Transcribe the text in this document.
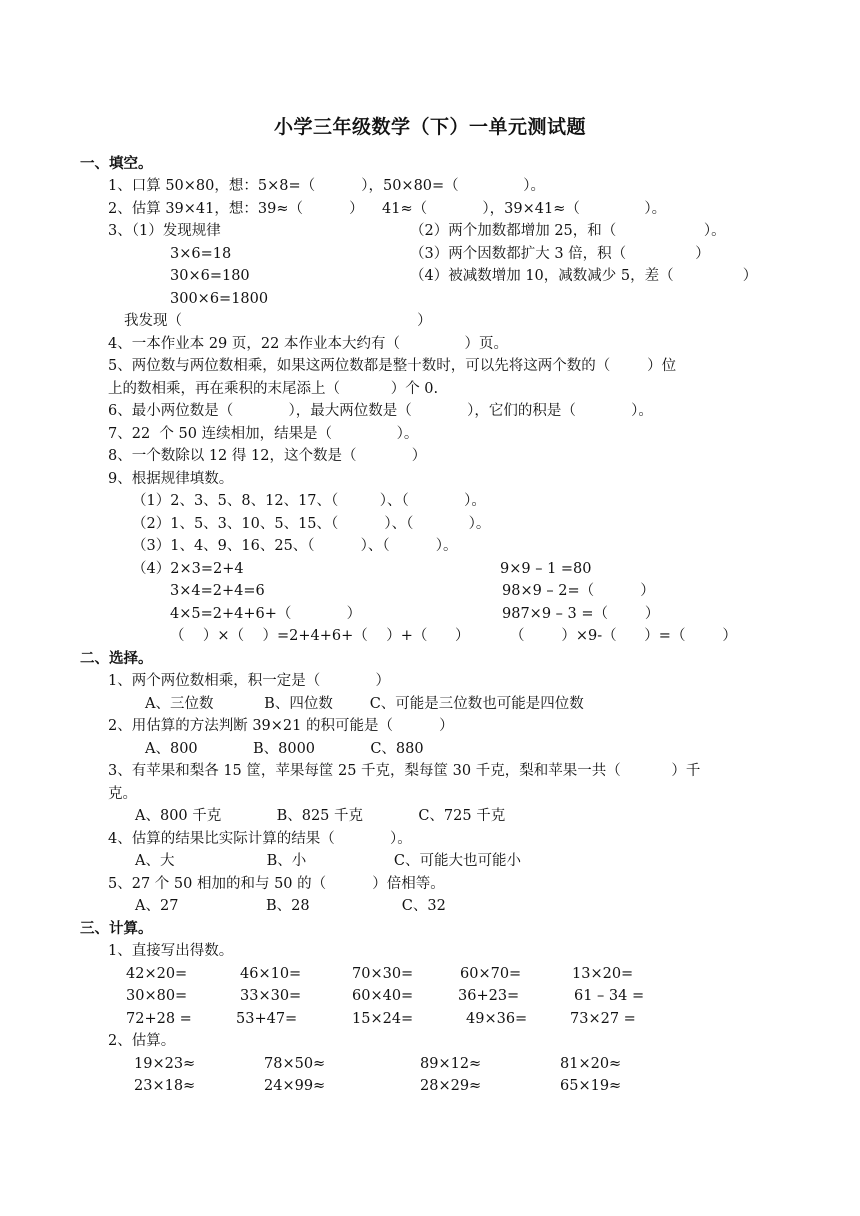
小学三年级数学（下）一单元测试题
一、填空。
1、口算 50×80，想：5×8=（          ），50×80=（              ）。
2、估算 39×41，想：39≈（          ）    41≈（            ），39×41≈（              ）。
3、（1）发现规律	（2）两个加数都增加 25，和（                   ）。
3×6=18	（3）两个因数都扩大 3 倍，积（               ）
30×6=180	（4）被减数增加 10，减数减少 5，差（               ）
300×6=1800
我发现（                                                   ）
4、一本作业本 29 页，22 本作业本大约有（              ）页。
5、两位数与两位数相乘，如果这两位数都是整十数时，可以先将这两个数的（        ）位
上的数相乘，再在乘积的末尾添上（           ）个 0.
6、最小两位数是（            ），最大两位数是（            ），它们的积是（            ）。
7、22  个 50 连续相加，结果是（              ）。
8、一个数除以 12 得 12，这个数是（            ）
9、根据规律填数。
（1）2、3、5、8、12、17、（         ）、（            ）。
（2）1、5、3、10、5、15、（          ）、（            ）。
（3）1、4、9、16、25、（          ）、（          ）。
（4）2×3=2+4	9×9 – 1 =80
3×4=2+4=6	98×9 – 2=（          ）
4×5=2+4+6+（            ）	987×9 – 3 =（        ）
（    ）×（    ）=2+4+6+（    ）+（      ）	（        ）×9-（      ）=（        ）
二、选择。
1、两个两位数相乘，积一定是（            ）
A、三位数           B、四位数        C、可能是三位数也可能是四位数
2、用估算的方法判断 39×21 的积可能是（          ）
A、800            B、8000            C、880
3、有苹果和梨各 15 筐，苹果每筐 25 千克，梨每筐 30 千克，梨和苹果一共（           ）千
克。
A、800 千克            B、825 千克            C、725 千克
4、估算的结果比实际计算的结果（            ）。
A、大                    B、小                   C、可能大也可能小
5、27 个 50 相加的和与 50 的（          ）倍相等。
A、27                   B、28                    C、32
三、计算。
1、直接写出得数。
42×20=	46×10=	70×30=	60×70=	13×20=
30×80=	33×30=	60×40=	36+23=	61 – 34 =
72+28 =	53+47=	15×24=	49×36=	73×27 =
2、估算。
19×23≈	78×50≈	89×12≈	81×20≈
23×18≈	24×99≈	28×29≈	65×19≈
